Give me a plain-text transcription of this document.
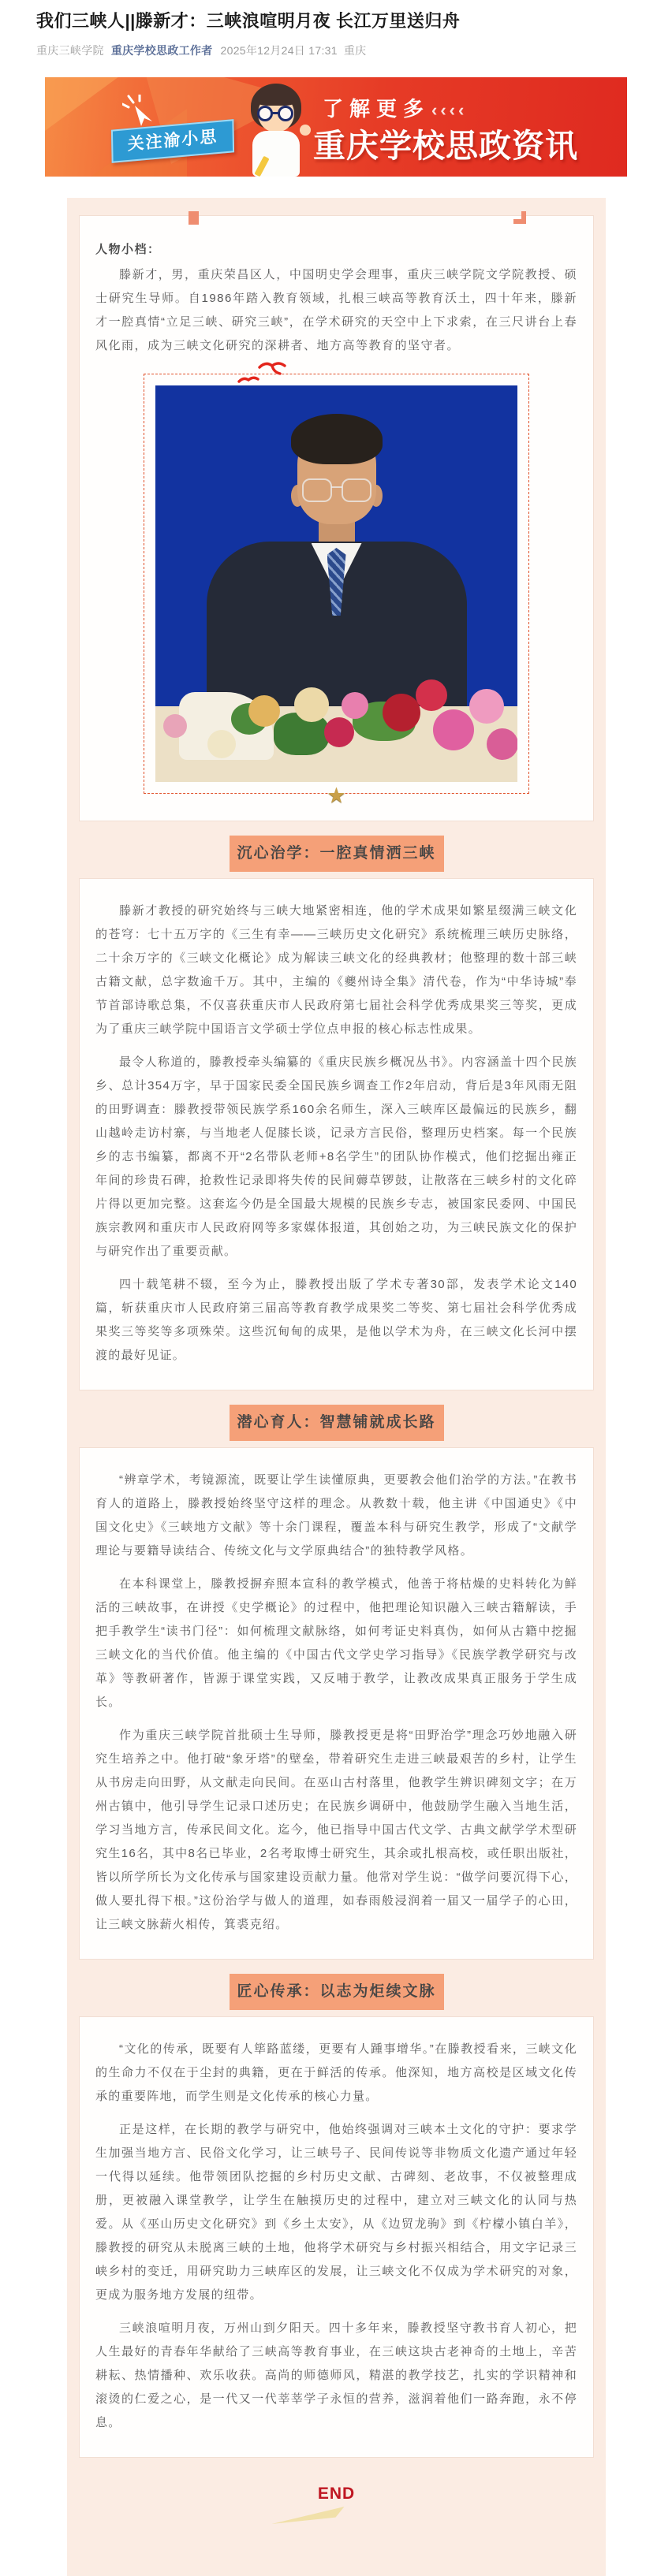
我们三峡人||滕新才：三峡浪喧明月夜 长江万里送归舟
重庆三峡学院 重庆学校思政工作者 2025年12月24日 17:31 重庆
关注渝小思
了解更多‹‹‹‹
重庆学校思政资讯

人物小档：

滕新才，男，重庆荣昌区人，中国明史学会理事，重庆三峡学院文学院教授、硕士研究生导师。自1986年踏入教育领域，扎根三峡高等教育沃土，四十年来，滕新才一腔真情“立足三峡、研究三峡”，在学术研究的天空中上下求索，在三尺讲台上春风化雨，成为三峡文化研究的深耕者、地方高等教育的坚守者。

★
沉心治学：一腔真情洒三峡

滕新才教授的研究始终与三峡大地紧密相连，他的学术成果如繁星缀满三峡文化的苍穹：七十五万字的《三生有幸——三峡历史文化研究》系统梳理三峡历史脉络，二十余万字的《三峡文化概论》成为解读三峡文化的经典教材；他整理的数十部三峡古籍文献，总字数逾千万。其中，主编的《夔州诗全集》清代卷，作为“中华诗城”奉节首部诗歌总集，不仅喜获重庆市人民政府第七届社会科学优秀成果奖三等奖，更成为了重庆三峡学院中国语言文学硕士学位点申报的核心标志性成果。

最令人称道的，滕教授牵头编纂的《重庆民族乡概况丛书》。内容涵盖十四个民族乡、总计354万字，早于国家民委全国民族乡调查工作2年启动，背后是3年风雨无阻的田野调查：滕教授带领民族学系160余名师生，深入三峡库区最偏远的民族乡，翻山越岭走访村寨，与当地老人促膝长谈，记录方言民俗，整理历史档案。每一个民族乡的志书编纂，都离不开“2名带队老师+8名学生”的团队协作模式，他们挖掘出雍正年间的珍贵石碑，抢救性记录即将失传的民间薅草锣鼓，让散落在三峡乡村的文化碎片得以更加完整。这套迄今仍是全国最大规模的民族乡专志，被国家民委网、中国民族宗教网和重庆市人民政府网等多家媒体报道，其创始之功，为三峡民族文化的保护与研究作出了重要贡献。

四十载笔耕不辍，至今为止，滕教授出版了学术专著30部，发表学术论文140篇，斩获重庆市人民政府第三届高等教育教学成果奖二等奖、第七届社会科学优秀成果奖三等奖等多项殊荣。这些沉甸甸的成果，是他以学术为舟，在三峡文化长河中摆渡的最好见证。

潜心育人：智慧铺就成长路

“辨章学术，考镜源流，既要让学生读懂原典，更要教会他们治学的方法。”在教书育人的道路上，滕教授始终坚守这样的理念。从教数十载，他主讲《中国通史》《中国文化史》《三峡地方文献》等十余门课程，覆盖本科与研究生教学，形成了“文献学理论与要籍导读结合、传统文化与文学原典结合”的独特教学风格。

在本科课堂上，滕教授摒弃照本宣科的教学模式，他善于将枯燥的史料转化为鲜活的三峡故事，在讲授《史学概论》的过程中，他把理论知识融入三峡古籍解读，手把手教学生“读书门径”：如何梳理文献脉络，如何考证史料真伪，如何从古籍中挖掘三峡文化的当代价值。他主编的《中国古代文学史学习指导》《民族学教学研究与改革》等教研著作，皆源于课堂实践，又反哺于教学，让教改成果真正服务于学生成长。

作为重庆三峡学院首批硕士生导师，滕教授更是将“田野治学”理念巧妙地融入研究生培养之中。他打破“象牙塔”的壁垒，带着研究生走进三峡最艰苦的乡村，让学生从书房走向田野，从文献走向民间。在巫山古村落里，他教学生辨识碑刻文字；在万州古镇中，他引导学生记录口述历史；在民族乡调研中，他鼓励学生融入当地生活，学习当地方言，传承民间文化。迄今，他已指导中国古代文学、古典文献学学术型研究生16名，其中8名已毕业，2名考取博士研究生，其余或扎根高校，或任职出版社，皆以所学所长为文化传承与国家建设贡献力量。他常对学生说：“做学问要沉得下心，做人要扎得下根。”这份治学与做人的道理，如春雨般浸润着一届又一届学子的心田，让三峡文脉薪火相传，箕裘克绍。

匠心传承：以志为炬续文脉

“文化的传承，既要有人筚路蓝缕，更要有人踵事增华。”在滕教授看来，三峡文化的生命力不仅在于尘封的典籍，更在于鲜活的传承。他深知，地方高校是区域文化传承的重要阵地，而学生则是文化传承的核心力量。

正是这样，在长期的教学与研究中，他始终强调对三峡本土文化的守护：要求学生加强当地方言、民俗文化学习，让三峡号子、民间传说等非物质文化遗产通过年轻一代得以延续。他带领团队挖掘的乡村历史文献、古碑刻、老故事，不仅被整理成册，更被融入课堂教学，让学生在触摸历史的过程中，建立对三峡文化的认同与热爱。从《巫山历史文化研究》到《乡土太安》，从《边贸龙驹》到《柠檬小镇白羊》，滕教授的研究从未脱离三峡的土地，他将学术研究与乡村振兴相结合，用文字记录三峡乡村的变迁，用研究助力三峡库区的发展，让三峡文化不仅成为学术研究的对象，更成为服务地方发展的纽带。

三峡浪喧明月夜，万州山到夕阳天。四十多年来，滕教授坚守教书育人初心，把人生最好的青春年华献给了三峡高等教育事业，在三峡这块古老神奇的土地上，辛苦耕耘、热情播种、欢乐收获。高尚的师德师风，精湛的教学技艺，扎实的学识精神和滚烫的仁爱之心，是一代又一代莘莘学子永恒的营养，滋润着他们一路奔跑，永不停息。

END
